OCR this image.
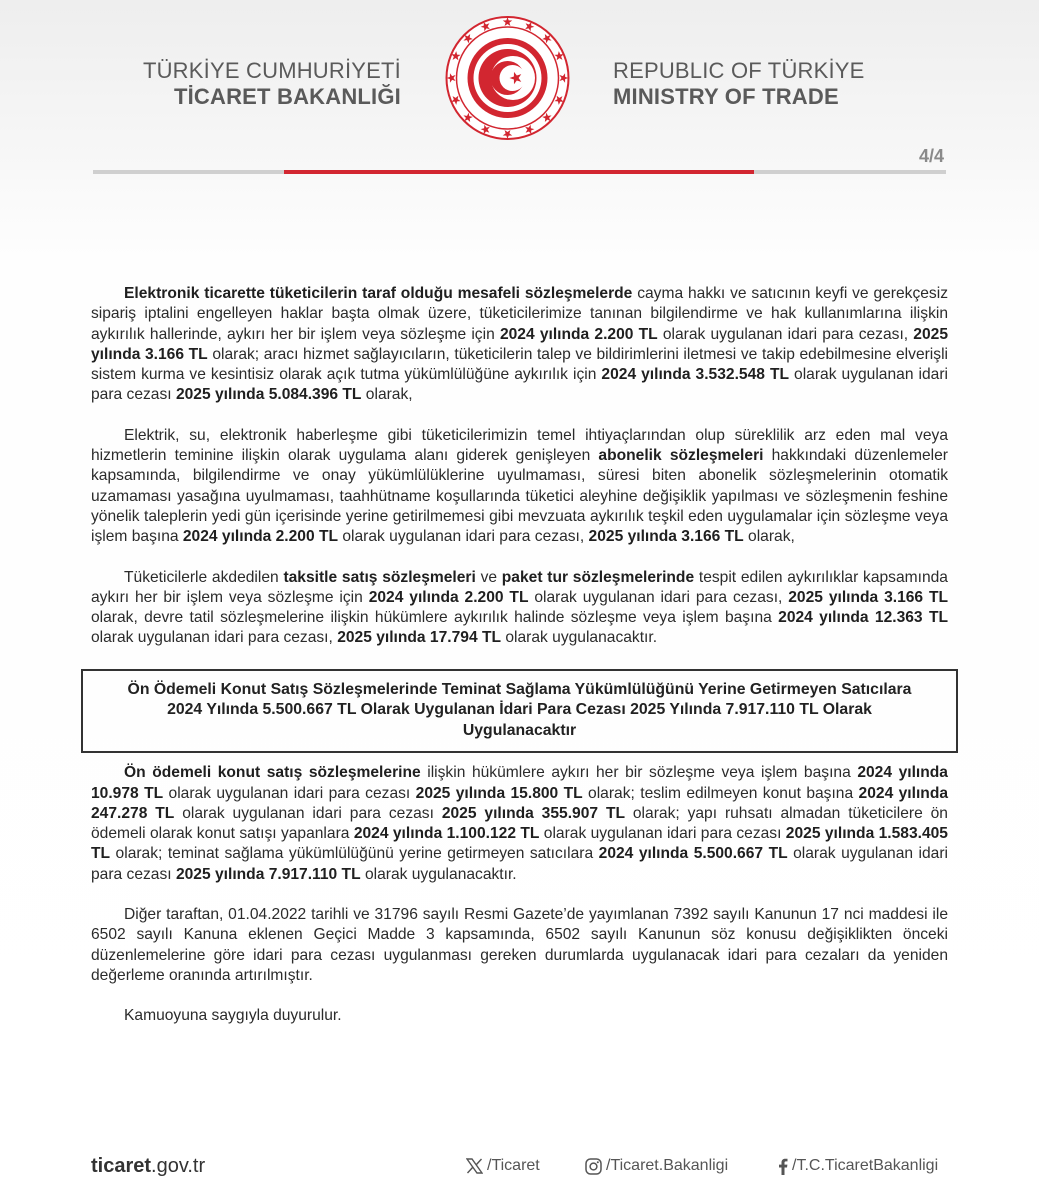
TÜRKİYE CUMHURİYETİ
TİCARET BAKANLIĞI
REPUBLIC OF TÜRKİYE
MINISTRY OF TRADE
4/4

Elektronik ticarette tüketicilerin taraf olduğu mesafeli sözleşmelerde cayma hakkı ve satıcının keyfi ve gerekçesiz sipariş iptalini engelleyen haklar başta olmak üzere, tüketicilerimize tanınan bilgilendirme ve hak kullanımlarına ilişkin aykırılık hallerinde, aykırı her bir işlem veya sözleşme için 2024 yılında 2.200 TL olarak uygulanan idari para cezası, 2025 yılında 3.166 TL olarak; aracı hizmet sağlayıcıların, tüketicilerin talep ve bildirimlerini iletmesi ve takip edebilmesine elverişli sistem kurma ve kesintisiz olarak açık tutma yükümlülüğüne aykırılık için 2024 yılında 3.532.548 TL olarak uygulanan idari para cezası 2025 yılında 5.084.396 TL olarak,

Elektrik, su, elektronik haberleşme gibi tüketicilerimizin temel ihtiyaçlarından olup süreklilik arz eden mal veya hizmetlerin teminine ilişkin olarak uygulama alanı giderek genişleyen abonelik sözleşmeleri hakkındaki düzenlemeler kapsamında, bilgilendirme ve onay yükümlülüklerine uyulmaması, süresi biten abonelik sözleşmelerinin otomatik uzamaması yasağına uyulmaması, taahhütname koşullarında tüketici aleyhine değişiklik yapılması ve sözleşmenin feshine yönelik taleplerin yedi gün içerisinde yerine getirilmemesi gibi mevzuata aykırılık teşkil eden uygulamalar için sözleşme veya işlem başına 2024 yılında 2.200 TL olarak uygulanan idari para cezası, 2025 yılında 3.166 TL olarak,

Tüketicilerle akdedilen taksitle satış sözleşmeleri ve paket tur sözleşmelerinde tespit edilen aykırılıklar kapsamında aykırı her bir işlem veya sözleşme için 2024 yılında 2.200 TL olarak uygulanan idari para cezası, 2025 yılında 3.166 TL olarak, devre tatil sözleşmelerine ilişkin hükümlere aykırılık halinde sözleşme veya işlem başına 2024 yılında 12.363 TL olarak uygulanan idari para cezası, 2025 yılında 17.794 TL olarak uygulanacaktır.

Ön Ödemeli Konut Satış Sözleşmelerinde Teminat Sağlama Yükümlülüğünü Yerine Getirmeyen Satıcılara 2024 Yılında 5.500.667 TL Olarak Uygulanan İdari Para Cezası 2025 Yılında 7.917.110 TL Olarak Uygulanacaktır

Ön ödemeli konut satış sözleşmelerine ilişkin hükümlere aykırı her bir sözleşme veya işlem başına 2024 yılında 10.978 TL olarak uygulanan idari para cezası 2025 yılında 15.800 TL olarak; teslim edilmeyen konut başına 2024 yılında 247.278 TL olarak uygulanan idari para cezası 2025 yılında 355.907 TL olarak; yapı ruhsatı almadan tüketicilere ön ödemeli olarak konut satışı yapanlara 2024 yılında 1.100.122 TL olarak uygulanan idari para cezası 2025 yılında 1.583.405 TL olarak; teminat sağlama yükümlülüğünü yerine getirmeyen satıcılara 2024 yılında 5.500.667 TL olarak uygulanan idari para cezası 2025 yılında 7.917.110 TL olarak uygulanacaktır.

Diğer taraftan, 01.04.2022 tarihli ve 31796 sayılı Resmi Gazete’de yayımlanan 7392 sayılı Kanunun 17 nci maddesi ile 6502 sayılı Kanuna eklenen Geçici Madde 3 kapsamında, 6502 sayılı Kanunun söz konusu değişiklikten önceki düzenlemelerine göre idari para cezası uygulanması gereken durumlarda uygulanacak idari para cezaları da yeniden değerleme oranında artırılmıştır.

Kamuoyuna saygıyla duyurulur.

ticaret.gov.tr	/Ticaret	/Ticaret.Bakanligi	/T.C.TicaretBakanligi
